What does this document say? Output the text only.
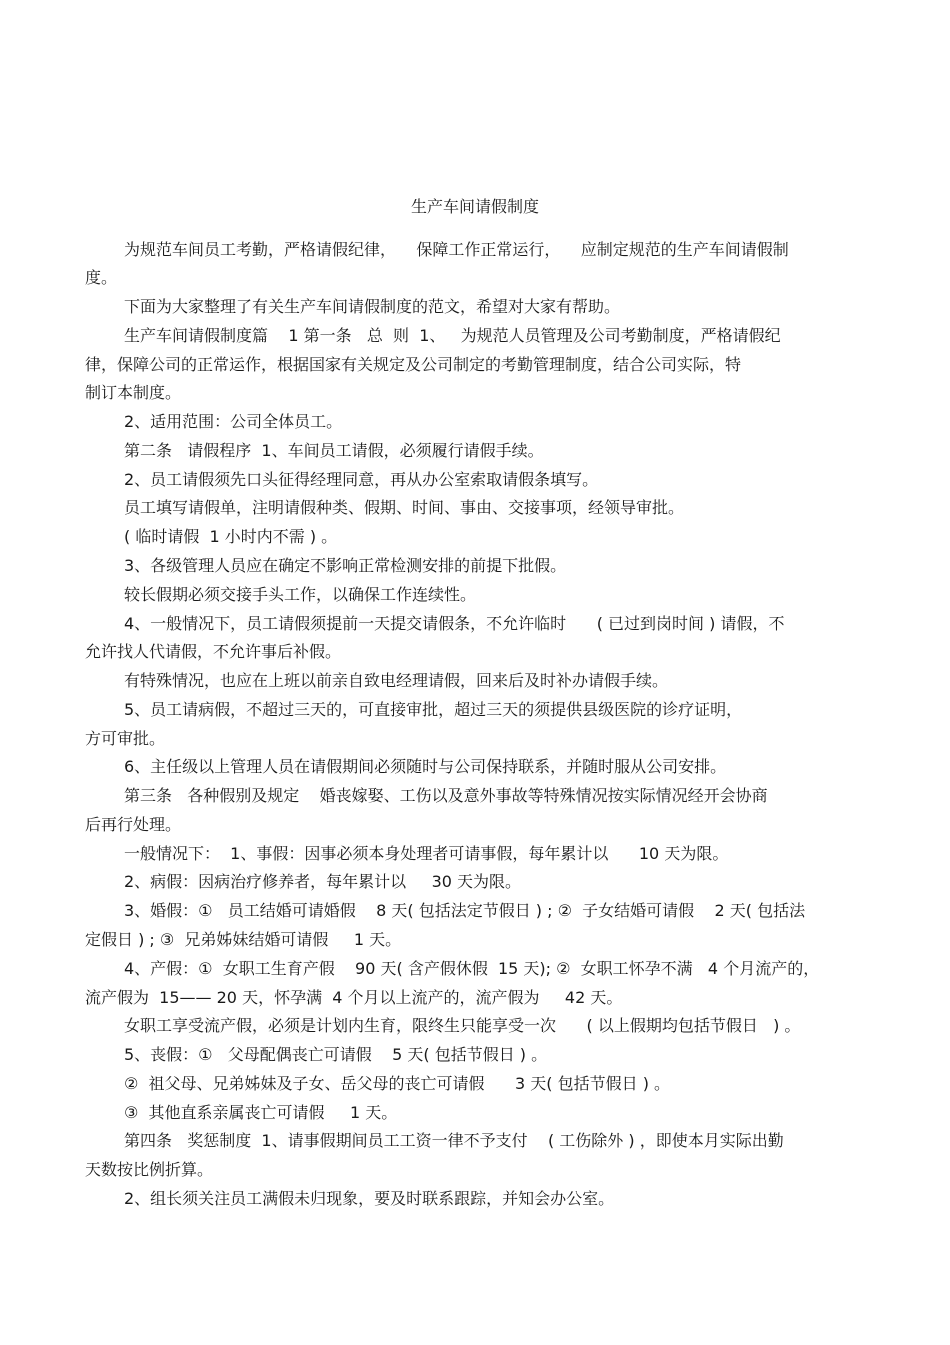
生产车间请假制度
为规范车间员工考勤，严格请假纪律，    保障工作正常运行，    应制定规范的生产车间请假制
度。
下面为大家整理了有关生产车间请假制度的范文，希望对大家有帮助。
生产车间请假制度篇    1 第一条   总  则  1、   为规范人员管理及公司考勤制度，严格请假纪
律，保障公司的正常运作，根据国家有关规定及公司制定的考勤管理制度，结合公司实际，特
制订本制度。
2、适用范围：公司全体员工。
第二条   请假程序  1、车间员工请假，必须履行请假手续。
2、员工请假须先口头征得经理同意，再从办公室索取请假条填写。
员工填写请假单，注明请假种类、假期、时间、事由、交接事项，经领导审批。
( 临时请假  1 小时内不需 ) 。
3、各级管理人员应在确定不影响正常检测安排的前提下批假。
较长假期必须交接手头工作，以确保工作连续性。
4、一般情况下，员工请假须提前一天提交请假条，不允许临时      ( 已过到岗时间 ) 请假，不
允许找人代请假，不允许事后补假。
有特殊情况，也应在上班以前亲自致电经理请假，回来后及时补办请假手续。
5、员工请病假，不超过三天的，可直接审批，超过三天的须提供县级医院的诊疗证明，
方可审批。
6、主任级以上管理人员在请假期间必须随时与公司保持联系，并随时服从公司安排。
第三条   各种假别及规定    婚丧嫁娶、工伤以及意外事故等特殊情况按实际情况经开会协商
后再行处理。
一般情况下：  1、事假：因事必须本身处理者可请事假，每年累计以      10 天为限。
2、病假：因病治疗修养者，每年累计以     30 天为限。
3、婚假：①   员工结婚可请婚假    8 天( 包括法定节假日 ) ; ②  子女结婚可请假    2 天( 包括法
定假日 ) ; ③  兄弟姊妹结婚可请假     1 天。
4、产假：①  女职工生育产假    90 天( 含产假休假  15 天); ②  女职工怀孕不满   4 个月流产的，
流产假为  15—— 20 天，怀孕满  4 个月以上流产的，流产假为     42 天。
女职工享受流产假，必须是计划内生育，限终生只能享受一次      ( 以上假期均包括节假日   ) 。
5、丧假：①   父母配偶丧亡可请假    5 天( 包括节假日 ) 。
②  祖父母、兄弟姊妹及子女、岳父母的丧亡可请假      3 天( 包括节假日 ) 。
③  其他直系亲属丧亡可请假     1 天。
第四条   奖惩制度  1、请事假期间员工工资一律不予支付    ( 工伤除外 ) ，即使本月实际出勤
天数按比例折算。
2、组长须关注员工满假未归现象，要及时联系跟踪，并知会办公室。
